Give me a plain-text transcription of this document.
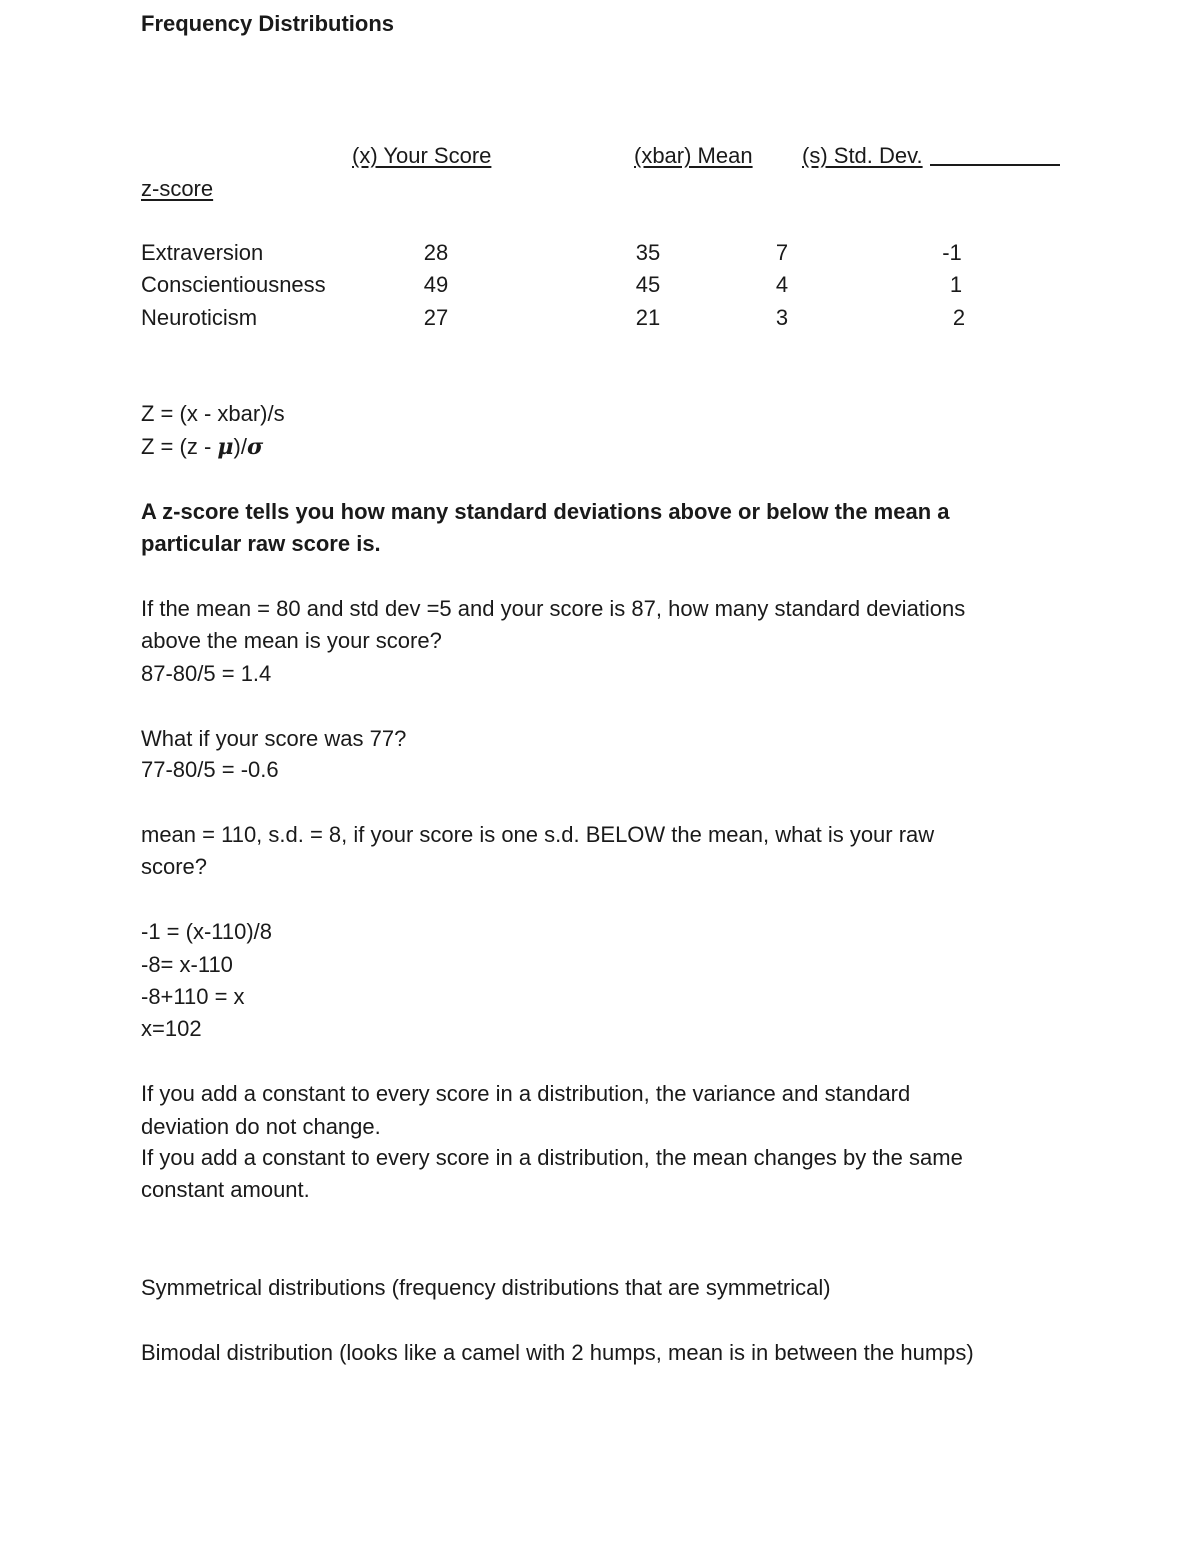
Frequency Distributions
(x) Your Score	(xbar) Mean (s) Std. Dev.
z-score
Extraversion	28	35	7	-1
Conscientiousness	49	45	4	1
Neuroticism	27	21	3	2
Z = (x - xbar)/s
Z = (z - μ)/σ
A z-score tells you how many standard deviations above or below the mean a
particular raw score is.
If the mean = 80 and std dev =5 and your score is 87, how many standard deviations
above the mean is your score?
87-80/5 = 1.4
What if your score was 77?
77-80/5 = -0.6
mean = 110, s.d. = 8, if your score is one s.d. BELOW the mean, what is your raw
score?
-1 = (x-110)/8
-8= x-110
-8+110 = x
x=102
If you add a constant to every score in a distribution, the variance and standard
deviation do not change.
If you add a constant to every score in a distribution, the mean changes by the same
constant amount.
Symmetrical distributions (frequency distributions that are symmetrical)
Bimodal distribution (looks like a camel with 2 humps, mean is in between the humps)
